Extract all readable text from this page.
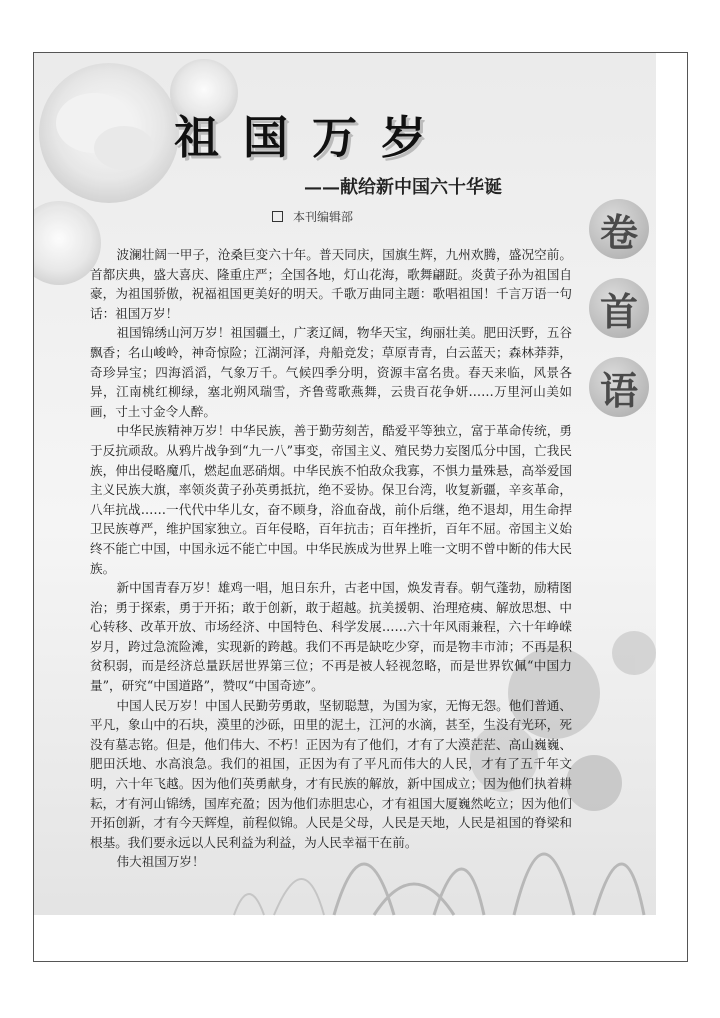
祖国万岁
——献给新中国六十华诞
本刊编辑部	卷
首
语

波澜壮阔一甲子，沧桑巨变六十年。普天同庆，国旗生辉，九州欢腾，盛况空前。首都庆典，盛大喜庆、隆重庄严；全国各地，灯山花海，歌舞翩跹。炎黄子孙为祖国自豪，为祖国骄傲，祝福祖国更美好的明天。千歌万曲同主题：歌唱祖国！千言万语一句话：祖国万岁！

祖国锦绣山河万岁！祖国疆土，广袤辽阔，物华天宝，绚丽壮美。肥田沃野，五谷飘香；名山峻岭，神奇惊险；江湖河泽，舟船竞发；草原青青，白云蓝天；森林莽莽，奇珍异宝；四海滔滔，气象万千。气候四季分明，资源丰富名贵。春天来临，风景各异，江南桃红柳绿，塞北朔风瑞雪，齐鲁莺歌燕舞，云贵百花争妍……万里河山美如画，寸土寸金令人醉。

中华民族精神万岁！中华民族，善于勤劳刻苦，酷爱平等独立，富于革命传统，勇于反抗顽敌。从鸦片战争到“九一八”事变，帝国主义、殖民势力妄图瓜分中国，亡我民族，伸出侵略魔爪，燃起血恶硝烟。中华民族不怕敌众我寡，不惧力量殊悬，高举爱国主义民族大旗，率领炎黄子孙英勇抵抗，绝不妥协。保卫台湾，收复新疆，辛亥革命，八年抗战……一代代中华儿女，奋不顾身，浴血奋战，前仆后继，绝不退却，用生命捍卫民族尊严，维护国家独立。百年侵略，百年抗击；百年挫折，百年不屈。帝国主义始终不能亡中国，中国永远不能亡中国。中华民族成为世界上唯一文明不曾中断的伟大民族。

新中国青春万岁！雄鸡一唱，旭日东升，古老中国，焕发青春。朝气蓬勃，励精图治；勇于探索，勇于开拓；敢于创新，敢于超越。抗美援朝、治理疮痍、解放思想、中心转移、改革开放、市场经济、中国特色、科学发展……六十年风雨兼程，六十年峥嵘岁月，跨过急流险滩，实现新的跨越。我们不再是缺吃少穿，而是物丰市沛；不再是积贫积弱，而是经济总量跃居世界第三位；不再是被人轻视忽略，而是世界钦佩“中国力量”，研究“中国道路”，赞叹“中国奇迹”。

中国人民万岁！中国人民勤劳勇敢，坚韧聪慧，为国为家，无悔无怨。他们普通、平凡，象山中的石块，漠里的沙砾，田里的泥土，江河的水滴，甚至，生没有光环，死没有墓志铭。但是，他们伟大、不朽！正因为有了他们，才有了大漠茫茫、高山巍巍、肥田沃地、水高浪急。我们的祖国，正因为有了平凡而伟大的人民，才有了五千年文明，六十年飞越。因为他们英勇献身，才有民族的解放，新中国成立；因为他们执着耕耘，才有河山锦绣，国库充盈；因为他们赤胆忠心，才有祖国大厦巍然屹立；因为他们开拓创新，才有今天辉煌，前程似锦。人民是父母，人民是天地，人民是祖国的脊梁和根基。我们要永远以人民利益为利益，为人民幸福干在前。

伟大祖国万岁！
